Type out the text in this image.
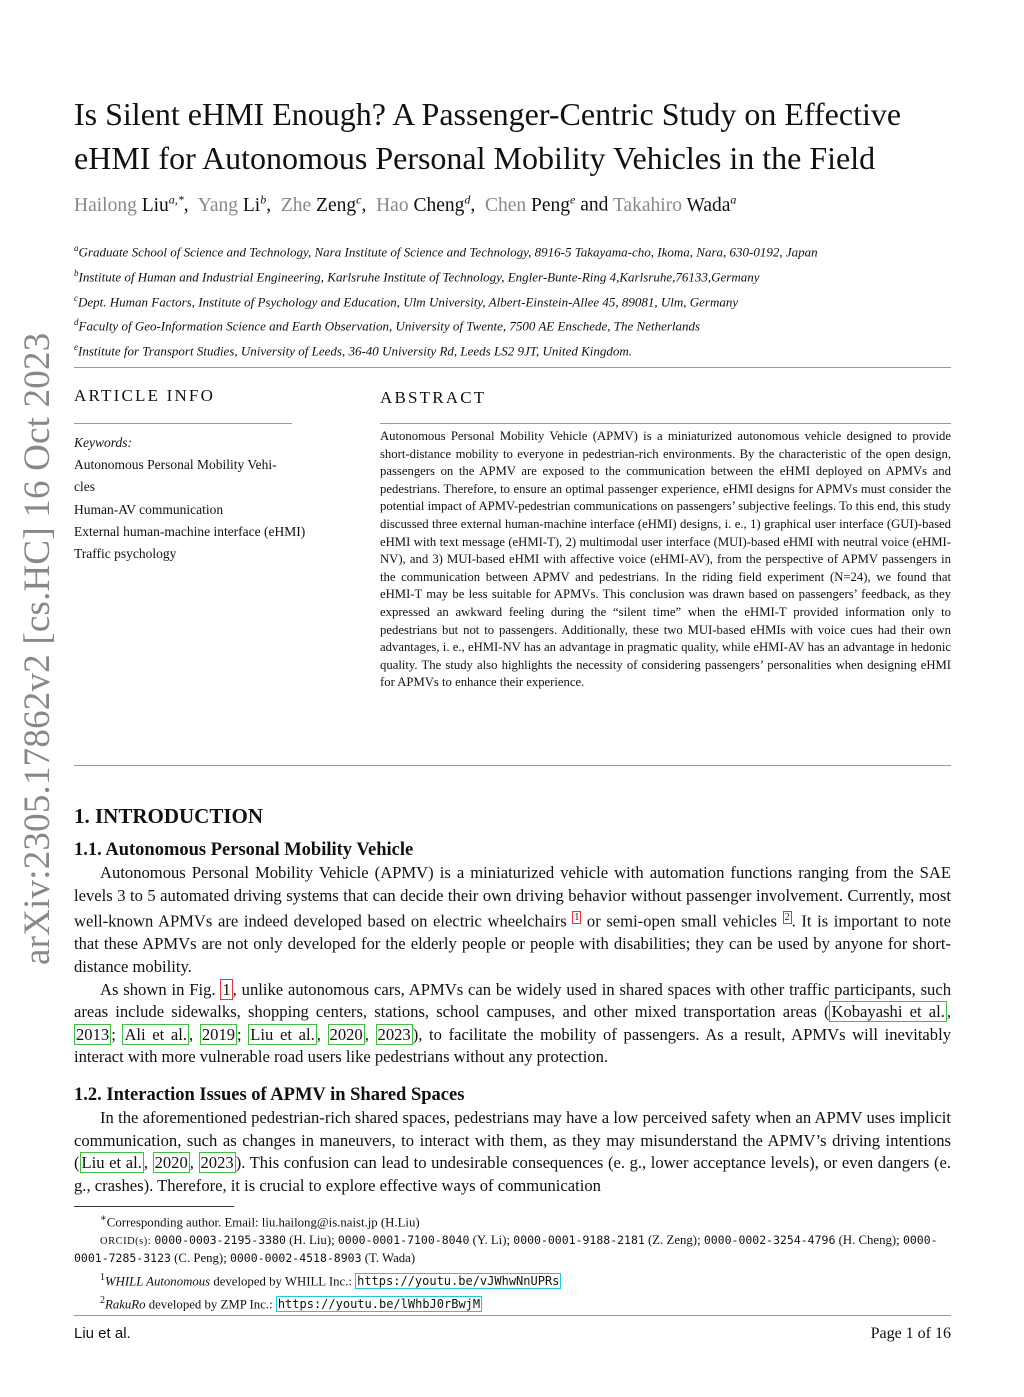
arXiv:2305.17862v2 [cs.HC] 16 Oct 2023
Is Silent eHMI Enough? A Passenger-Centric Study on Effective
eHMI for Autonomous Personal Mobility Vehicles in the Field
Hailong Liu$^{a,*}$,  Yang Li$^b$,  Zhe Zeng$^c$,  Hao Cheng$^d$,  Chen Peng$^e$ and Takahiro Wada$^a$
$^a$Graduate School of Science and Technology, Nara Institute of Science and Technology, 8916-5 Takayama-cho, Ikoma, Nara, 630-0192, Japan
$^b$Institute of Human and Industrial Engineering, Karlsruhe Institute of Technology, Engler-Bunte-Ring 4,Karlsruhe,76133,Germany
$^c$Dept. Human Factors, Institute of Psychology and Education, Ulm University, Albert-Einstein-Allee 45, 89081, Ulm, Germany
$^d$Faculty of Geo-Information Science and Earth Observation, University of Twente, 7500 AE Enschede, The Netherlands
$^e$Institute for Transport Studies, University of Leeds, 36-40 University Rd, Leeds LS2 9JT, United Kingdom.
ARTICLE INFO
Keywords:
Autonomous Personal Mobility Vehi-
cles
Human-AV communication
External human-machine interface (eHMI)
Traffic psychology
ABSTRACT
Autonomous Personal Mobility Vehicle (APMV) is a miniaturized autonomous vehicle designed to provide short-distance mobility to everyone in pedestrian-rich environments. By the characteristic of the open design, passengers on the APMV are exposed to the communication between the eHMI deployed on APMVs and pedestrians. Therefore, to ensure an optimal passenger experience, eHMI designs for APMVs must consider the potential impact of APMV-pedestrian communications on passengers’ subjective feelings. To this end, this study discussed three external human-machine interface (eHMI) designs, i. e., 1) graphical user interface (GUI)-based eHMI with text message (eHMI-T), 2) multimodal user interface (MUI)-based eHMI with neutral voice (eHMI-NV), and 3) MUI-based eHMI with affective voice (eHMI-AV), from the perspective of APMV passengers in the communication between APMV and pedestrians. In the riding field experiment (N=24), we found that eHMI-T may be less suitable for APMVs. This conclusion was drawn based on passengers’ feedback, as they expressed an awkward feeling during the “silent time” when the eHMI-T provided information only to pedestrians but not to passengers. Additionally, these two MUI-based eHMIs with voice cues had their own advantages, i. e., eHMI-NV has an advantage in pragmatic quality, while eHMI-AV has an advantage in hedonic quality. The study also highlights the necessity of considering passengers’ personalities when designing eHMI for APMVs to enhance their experience.
1. INTRODUCTION
1.1. Autonomous Personal Mobility Vehicle

Autonomous Personal Mobility Vehicle (APMV) is a miniaturized vehicle with automation functions ranging from the SAE levels 3 to 5 automated driving systems that can decide their own driving behavior without passenger involvement. Currently, most well-known APMVs are indeed developed based on electric wheelchairs $^1$ or semi-open small vehicles $^2$ . It is important to note that these APMVs are not only developed for the elderly people or people with disabilities; they can be used by anyone for short-distance mobility.

As shown in Fig. 1 , unlike autonomous cars, APMVs can be widely used in shared spaces with other traffic participants, such areas include sidewalks, shopping centers, stations, school campuses, and other mixed transportation areas ( Kobayashi et al. , 2013 ; Ali et al. , 2019 ; Liu et al. , 2020 , 2023 ), to facilitate the mobility of passengers. As a result, APMVs will inevitably interact with more vulnerable road users like pedestrians without any protection.

1.2. Interaction Issues of APMV in Shared Spaces

In the aforementioned pedestrian-rich shared spaces, pedestrians may have a low perceived safety when an APMV uses implicit communication, such as changes in maneuvers, to interact with them, as they may misunderstand the APMV’s driving intentions ( Liu et al. , 2020 , 2023 ). This confusion can lead to undesirable consequences (e. g., lower acceptance levels), or even dangers (e. g., crashes). Therefore, it is crucial to explore effective ways of communication

∗Corresponding author. Email: liu.hailong@is.naist.jp (H.Liu)
ORCID(s): 0000-0003-2195-3380 (H. Liu); 0000-0001-7100-8040 (Y. Li); 0000-0001-9188-2181 (Z. Zeng); 0000-0002-3254-4796 (H. Cheng); 0000-0001-7285-3123 (C. Peng); 0000-0002-4518-8903 (T. Wada)
$^1$WHILL Autonomous developed by WHILL Inc.: https://youtu.be/vJWhwNnUPRs
$^2$RakuRo developed by ZMP Inc.: https://youtu.be/lWhbJ0rBwjM
Liu et al.	Page 1 of 16
